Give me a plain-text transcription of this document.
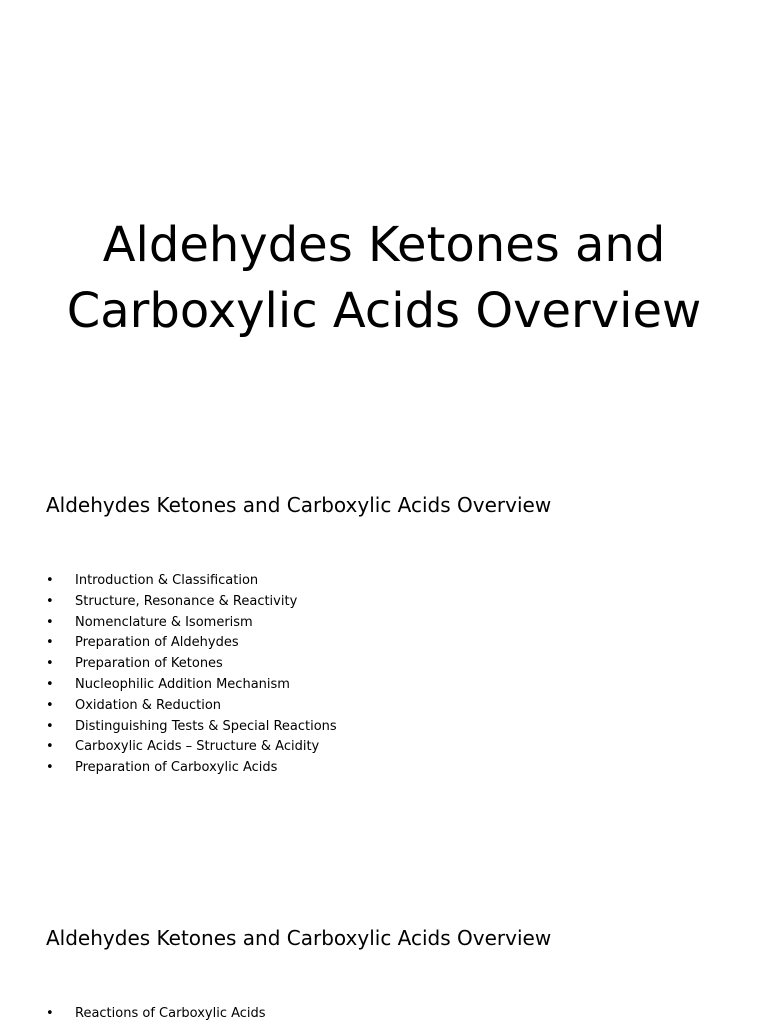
Aldehydes Ketones and
Carboxylic Acids Overview
Aldehydes Ketones and Carboxylic Acids Overview
•	Introduction & Classification
•	Structure, Resonance & Reactivity
•	Nomenclature & Isomerism
•	Preparation of Aldehydes
•	Preparation of Ketones
•	Nucleophilic Addition Mechanism
•	Oxidation & Reduction
•	Distinguishing Tests & Special Reactions
•	Carboxylic Acids – Structure & Acidity
•	Preparation of Carboxylic Acids
Aldehydes Ketones and Carboxylic Acids Overview
•	Reactions of Carboxylic Acids
